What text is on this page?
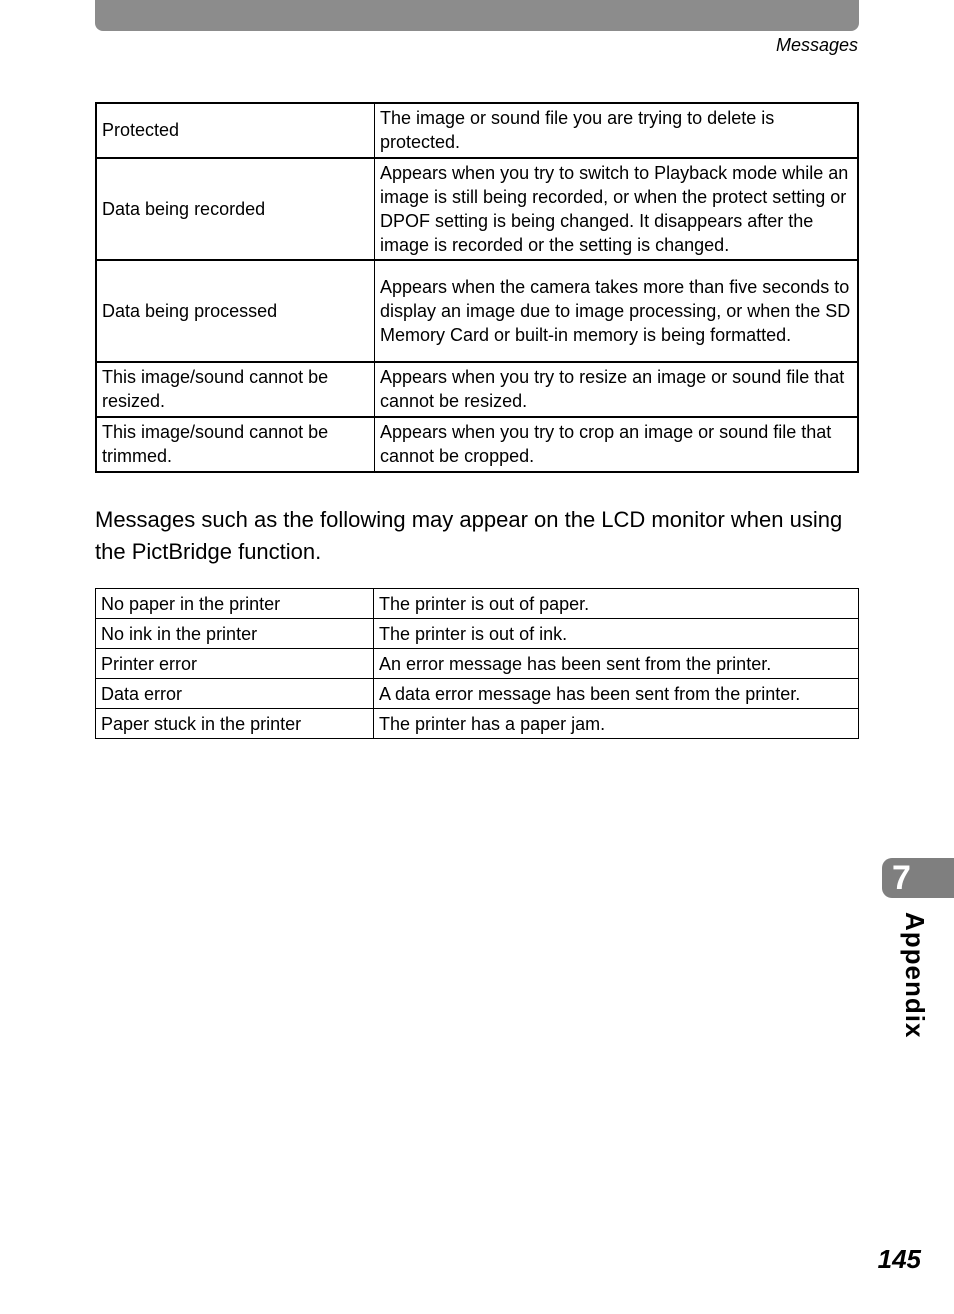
Messages
Protected	The image or sound file you are trying to delete is protected.
Data being recorded	Appears when you try to switch to Playback mode while an image is still being recorded, or when the protect setting or DPOF setting is being changed. It disappears after the image is recorded or the setting is changed.
Data being processed	Appears when the camera takes more than five seconds to display an image due to image processing, or when the SD Memory Card or built-in memory is being formatted.
This image/sound cannot be resized.	Appears when you try to resize an image or sound file that cannot be resized.
This image/sound cannot be trimmed.	Appears when you try to crop an image or sound file that cannot be cropped.
Messages such as the following may appear on the LCD monitor when using the PictBridge function.
No paper in the printer	The printer is out of paper.
No ink in the printer	The printer is out of ink.
Printer error	An error message has been sent from the printer.
Data error	A data error message has been sent from the printer.
Paper stuck in the printer	The printer has a paper jam.
7
Appendix
145
